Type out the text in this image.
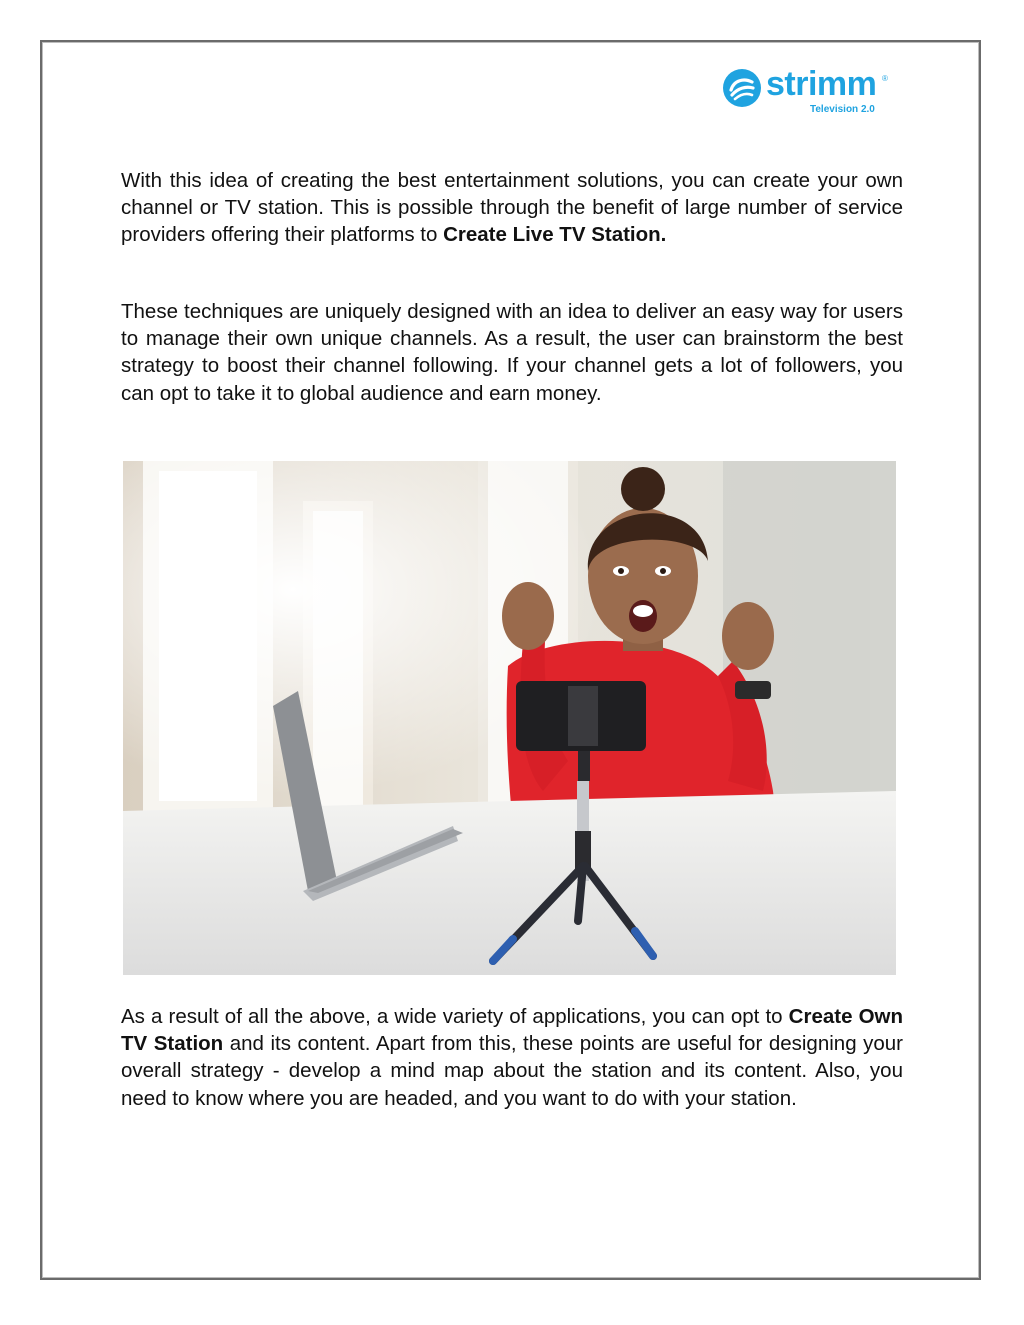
strimm ®
Television 2.0

With this idea of creating the best entertainment solutions, you can create your own channel or TV station. This is possible through the benefit of large number of service providers offering their platforms to Create Live TV Station.

These techniques are uniquely designed with an idea to deliver an easy way for users to manage their own unique channels. As a result, the user can brainstorm the best strategy to boost their channel following. If your channel gets a lot of followers, you can opt to take it to global audience and earn money.

As a result of all the above, a wide variety of applications, you can opt to Create Own TV Station and its content. Apart from this, these points are useful for designing your overall strategy - develop a mind map about the station and its content. Also, you need to know where you are headed, and you want to do with your station.
